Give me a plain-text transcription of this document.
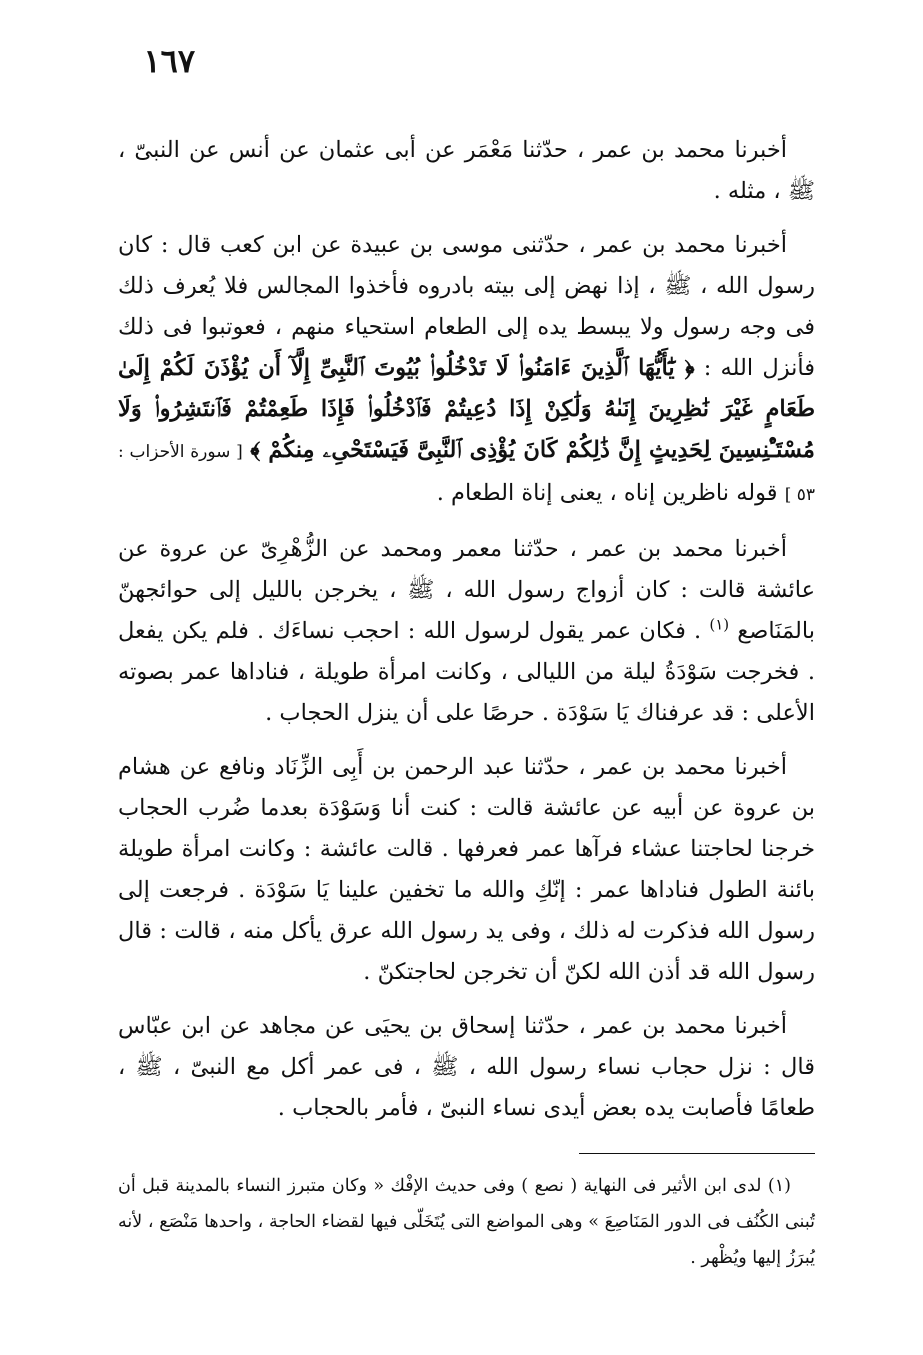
١٦٧

أخبرنا محمد بن عمر ، حدّثنا مَعْمَر عن أبى عثمان عن أنس عن النبىّ ، ﷺ ، مثله .

أخبرنا محمد بن عمر ، حدّثنى موسى بن عبيدة عن ابن كعب قال : كان رسول الله ، ﷺ ، إذا نهض إلى بيته بادروه فأخذوا المجالس فلا يُعرف ذلك فى وجه رسول ولا يبسط يده إلى الطعام استحياء منهم ، فعوتبوا فى ذلك فأنزل الله : ﴿ يَٰٓأَيُّهَا ٱلَّذِينَ ءَامَنُوا۟ لَا تَدْخُلُوا۟ بُيُوتَ ٱلنَّبِىِّ إِلَّآ أَن يُؤْذَنَ لَكُمْ إِلَىٰ طَعَامٍ غَيْرَ نَٰظِرِينَ إِنَىٰهُ وَلَٰكِنْ إِذَا دُعِيتُمْ فَٱدْخُلُوا۟ فَإِذَا طَعِمْتُمْ فَٱنتَشِرُوا۟ وَلَا مُسْتَـْٔنِسِينَ لِحَدِيثٍ إِنَّ ذَٰلِكُمْ كَانَ يُؤْذِى ٱلنَّبِىَّ فَيَسْتَحْىِۦ مِنكُمْ ﴾ [ سورة الأحزاب : ٥٣ ] قوله ناظرين إناه ، يعنى إناة الطعام .

أخبرنا محمد بن عمر ، حدّثنا معمر ومحمد عن الزُّهْرِىّ عن عروة عن عائشة قالت : كان أزواج رسول الله ، ﷺ ، يخرجن بالليل إلى حوائجهنّ بالمَنَاصع $^{(١)}$ . فكان عمر يقول لرسول الله : احجب نساءَك . فلم يكن يفعل . فخرجت سَوْدَةُ ليلة من الليالى ، وكانت امرأة طويلة ، فناداها عمر بصوته الأعلى : قد عرفناك يَا سَوْدَة . حرصًا على أن ينزل الحجاب .

أخبرنا محمد بن عمر ، حدّثنا عبد الرحمن بن أَبِى الزِّنَاد ونافع عن هشام بن عروة عن أبيه عن عائشة قالت : كنت أنا وَسَوْدَة بعدما ضُرب الحجاب خرجنا لحاجتنا عشاء فرآها عمر فعرفها . قالت عائشة : وكانت امرأة طويلة بائنة الطول فناداها عمر : إنّكِ والله ما تخفين علينا يَا سَوْدَة . فرجعت إلى رسول الله فذكرت له ذلك ، وفى يد رسول الله عرق يأكل منه ، قالت : قال رسول الله قد أذن الله لكنّ أن تخرجن لحاجتكنّ .

أخبرنا محمد بن عمر ، حدّثنا إسحاق بن يحيَى عن مجاهد عن ابن عبّاس قال : نزل حجاب نساء رسول الله ، ﷺ ، فى عمر أكل مع النبىّ ، ﷺ ، طعامًا فأصابت يده بعض أيدى نساء النبىّ ، فأمر بالحجاب .

(١) لدى ابن الأثير فى النهاية ( نصع ) وفى حديث الإفْك « وكان متبرز النساء بالمدينة قبل أن تُبنى الكُنُف فى الدور المَنَاصِعَ » وهى المواضع التى يُتَخَلّى فيها لقضاء الحاجة ، واحدها مَنْصَع ، لأنه يُبرَزُ إليها ويُظْهر .
